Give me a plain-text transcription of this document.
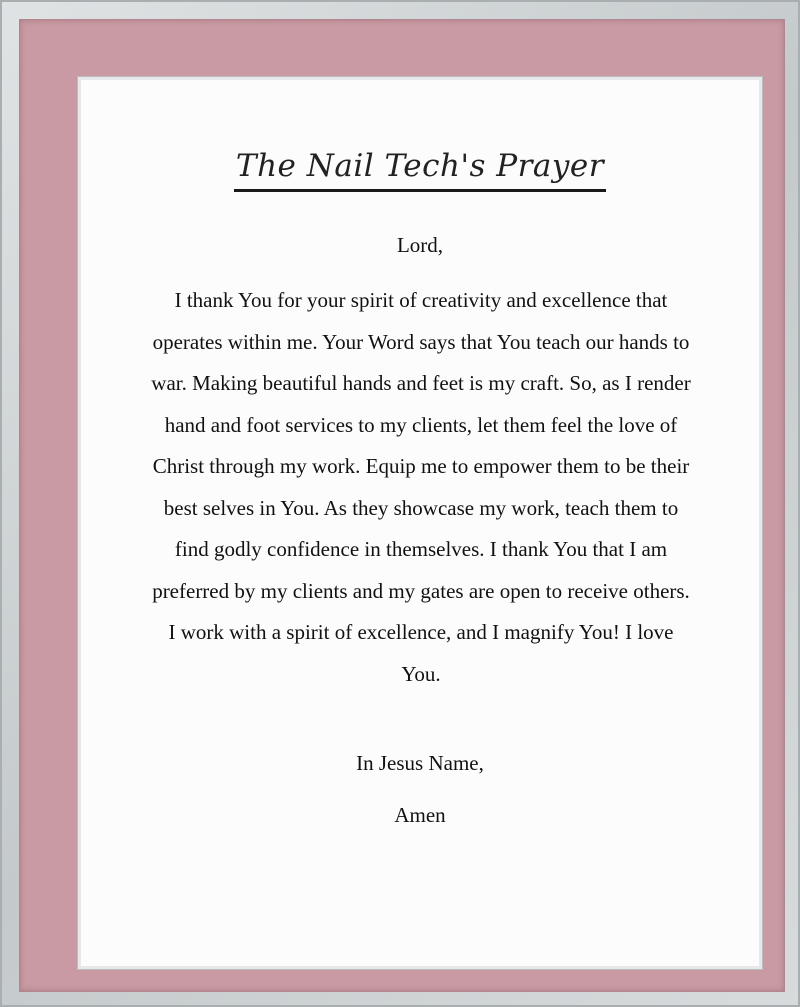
The Nail Tech's Prayer
Lord,
I thank You for your spirit of creativity and excellence that operates within me. Your Word says that You teach our hands to war. Making beautiful hands and feet is my craft. So, as I render hand and foot services to my clients, let them feel the love of Christ through my work. Equip me to empower them to be their best selves in You. As they showcase my work, teach them to find godly confidence in themselves. I thank You that I am preferred by my clients and my gates are open to receive others. I work with a spirit of excellence, and I magnify You! I love You.
In Jesus Name,
Amen
